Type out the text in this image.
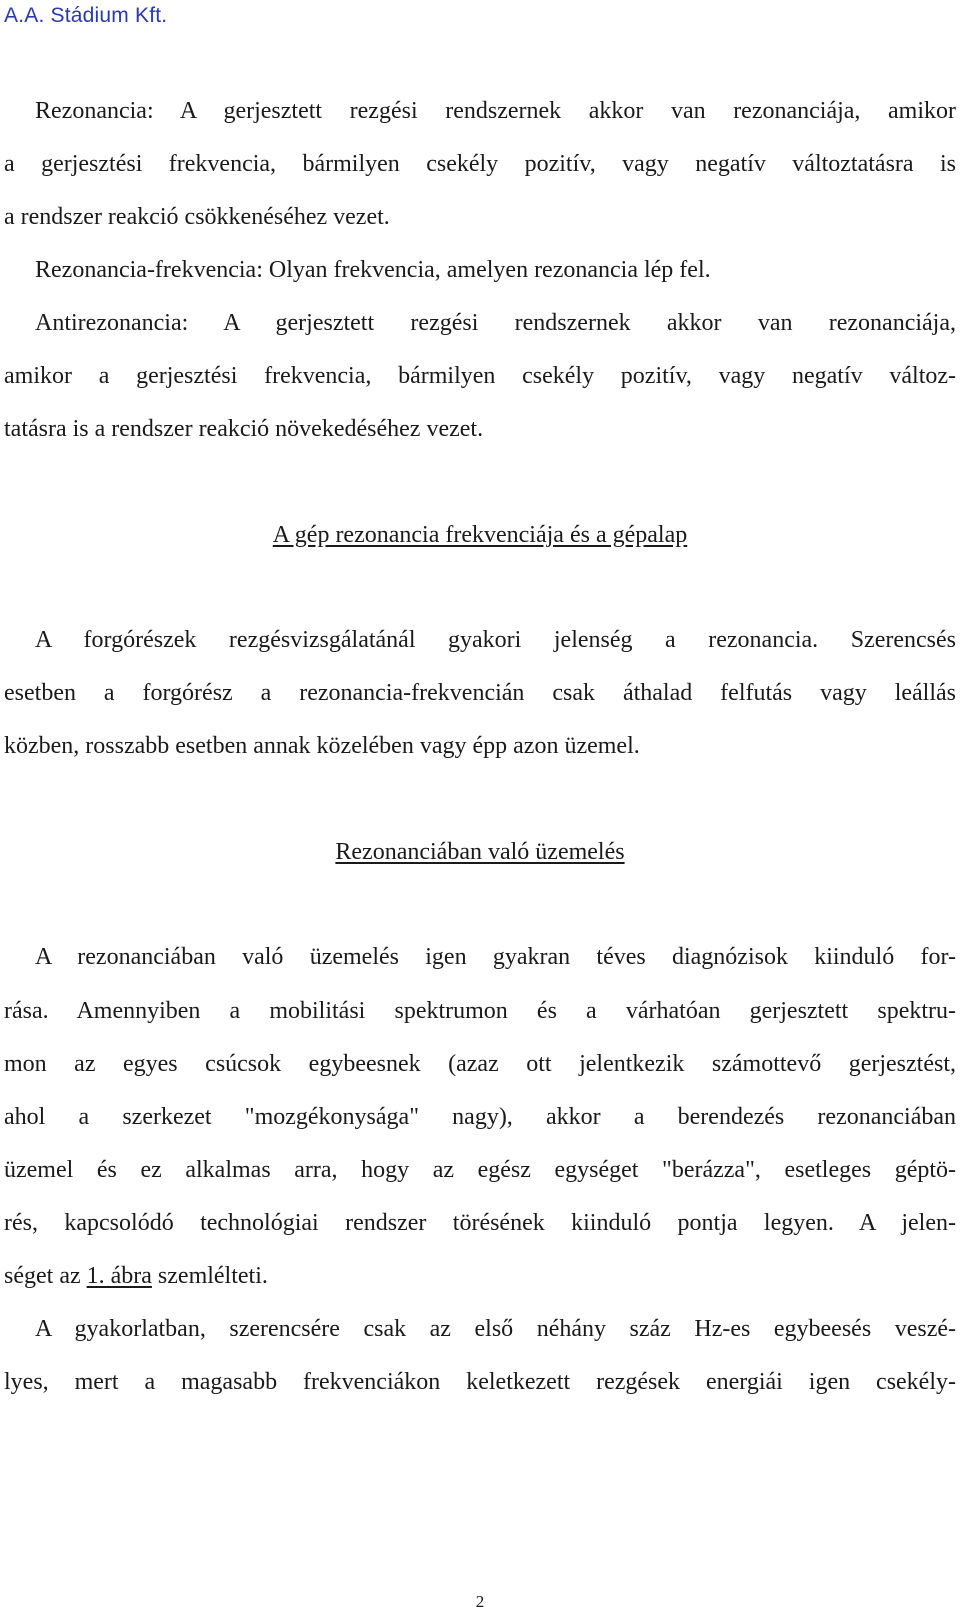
A.A. Stádium Kft.
Rezonancia: A gerjesztett rezgési rendszernek akkor van rezonanciája, amikor
a gerjesztési frekvencia, bármilyen csekély pozitív, vagy negatív változtatásra is
a rendszer reakció csökkenéséhez vezet.
Rezonancia-frekvencia: Olyan frekvencia, amelyen rezonancia lép fel.
Antirezonancia: A gerjesztett rezgési rendszernek akkor van rezonanciája,
amikor a gerjesztési frekvencia, bármilyen csekély pozitív, vagy negatív változ-
tatásra is a rendszer reakció növekedéséhez vezet.
A gép rezonancia frekvenciája és a gépalap
A forgórészek rezgésvizsgálatánál gyakori jelenség a rezonancia. Szerencsés
esetben a forgórész a rezonancia-frekvencián csak áthalad felfutás vagy leállás
közben, rosszabb esetben annak közelében vagy épp azon üzemel.
Rezonanciában való üzemelés
A rezonanciában való üzemelés igen gyakran téves diagnózisok kiinduló for-
rása. Amennyiben a mobilitási spektrumon és a várhatóan gerjesztett spektru-
mon az egyes csúcsok egybeesnek (azaz ott jelentkezik számottevő gerjesztést,
ahol a szerkezet "mozgékonysága" nagy), akkor a berendezés rezonanciában
üzemel és ez alkalmas arra, hogy az egész egységet "berázza", esetleges géptö-
rés, kapcsolódó technológiai rendszer törésének kiinduló pontja legyen. A jelen-
séget az 1. ábra szemlélteti.
A gyakorlatban, szerencsére csak az első néhány száz Hz-es egybeesés veszé-
lyes, mert a magasabb frekvenciákon keletkezett rezgések energiái igen csekély-
2
